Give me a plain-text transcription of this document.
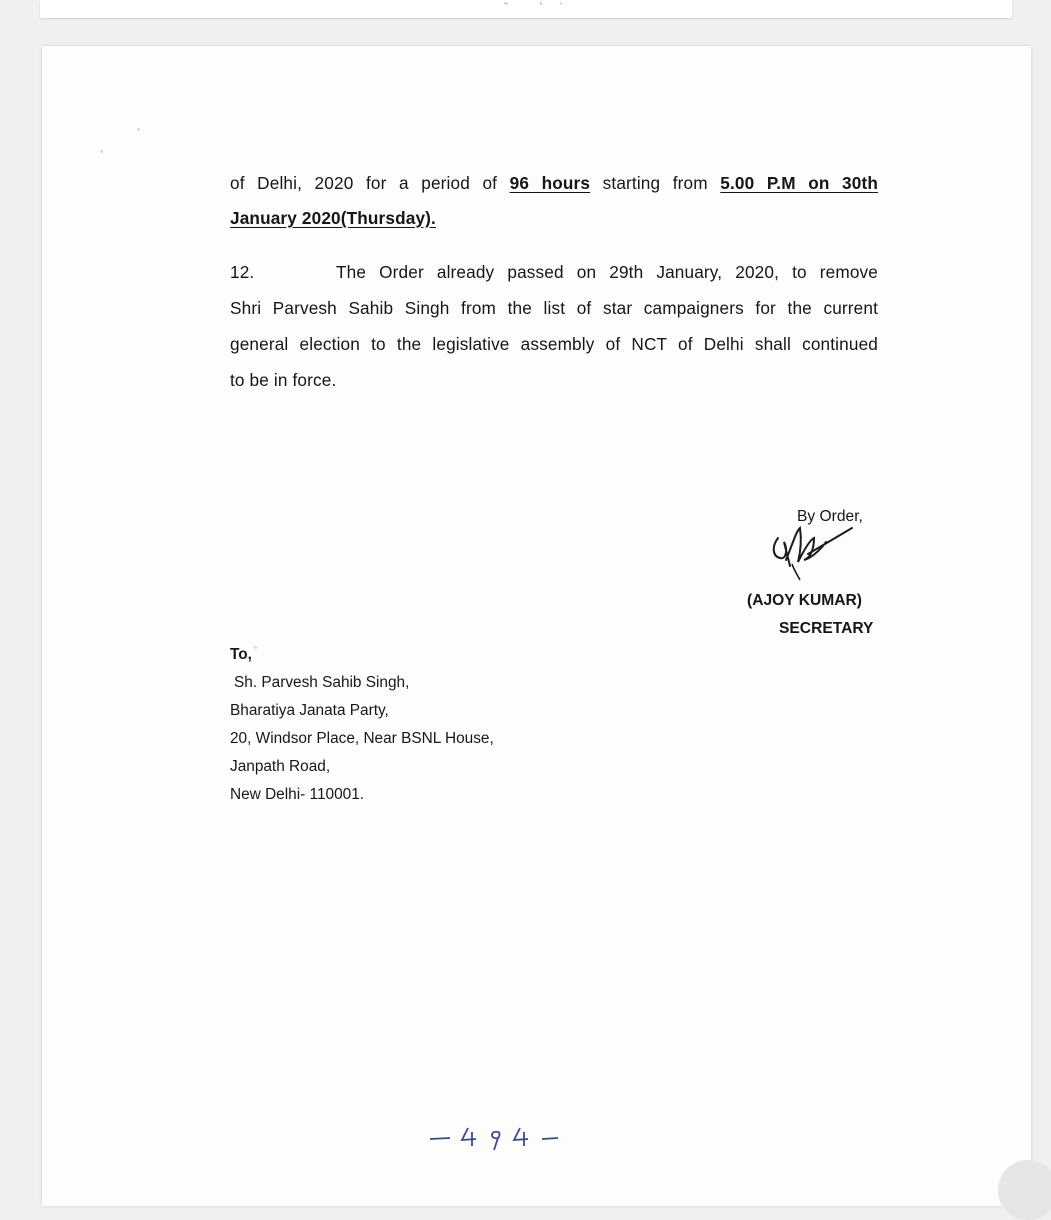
of Delhi, 2020 for a period of 96 hours starting from 5.00 P.M on 30th
January 2020(Thursday).
12.	The Order already passed on 29th January, 2020, to remove
Shri Parvesh Sahib Singh from the list of star campaigners for the current
general election to the legislative assembly of NCT of Delhi shall continued
to be in force.
By Order,
(AJOY KUMAR)
SECRETARY
To,
Sh. Parvesh Sahib Singh,
Bharatiya Janata Party,
20, Windsor Place, Near BSNL House,
Janpath Road,
New Delhi- 110001.
